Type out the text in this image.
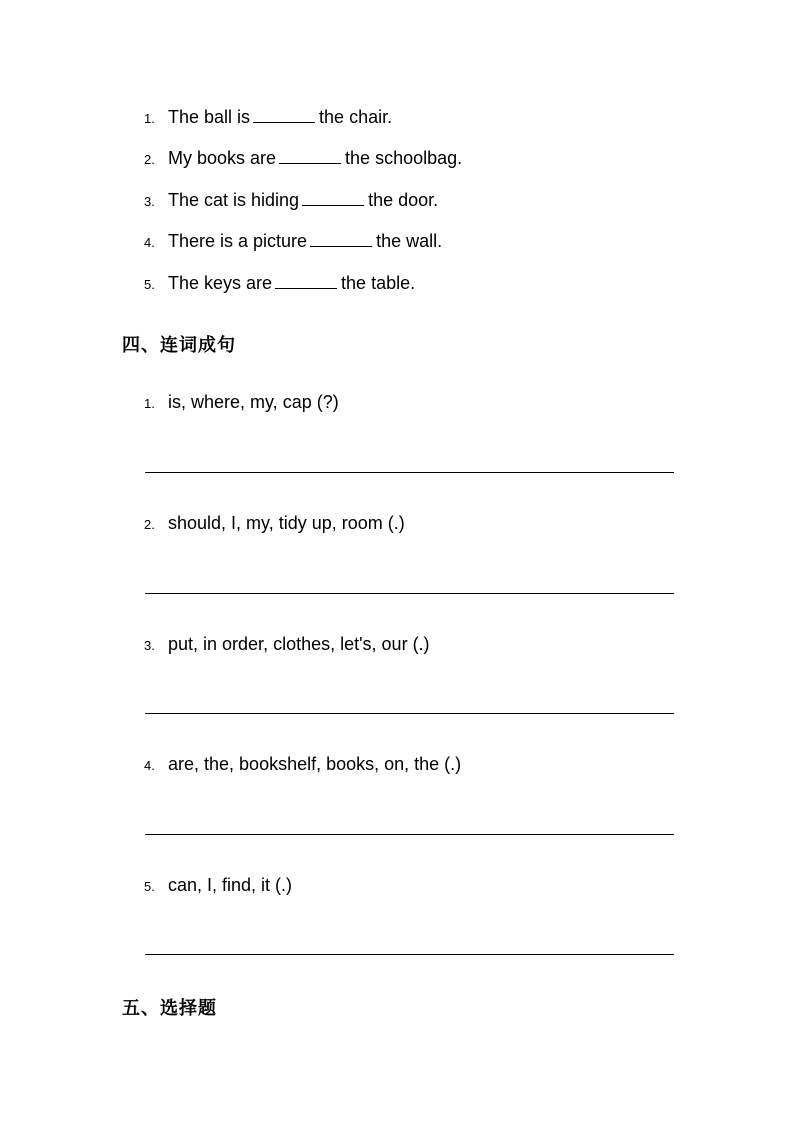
1. The ball is	the chair.
2. My books are	the schoolbag.
3. The cat is hiding	the door.
4. There is a picture	the wall.
5. The keys are	the table.
四、连词成句
1. is, where, my, cap (?)
2. should, I, my, tidy up, room (.)
3. put, in order, clothes, let's, our (.)
4. are, the, bookshelf, books, on, the (.)
5. can, I, find, it (.)
五、选择题
